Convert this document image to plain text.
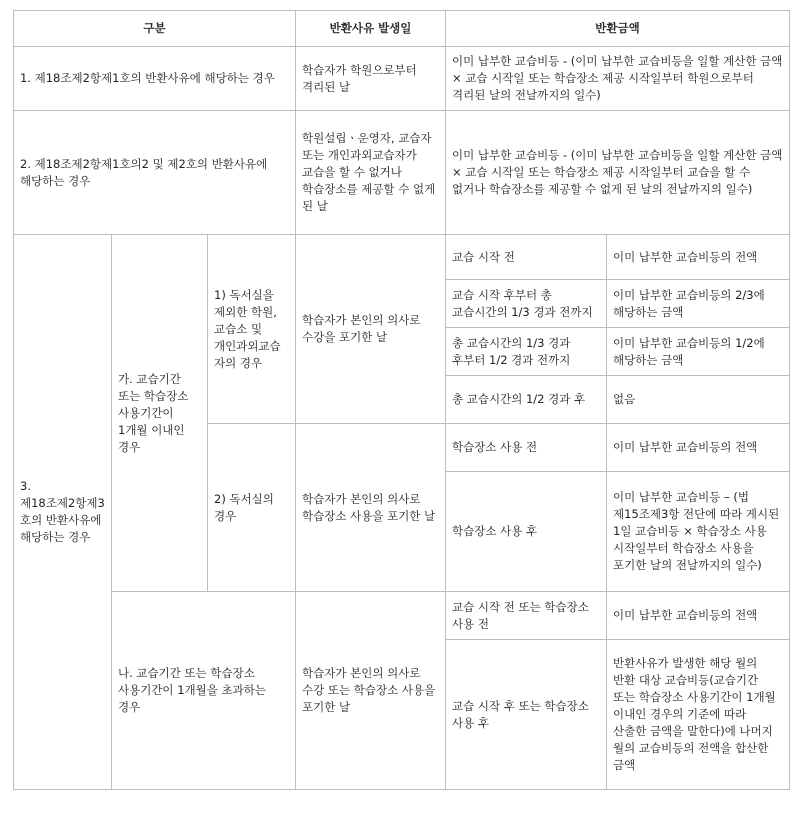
구분			반환사유 발생일	반환금액	
1. 제18조제2항제1호의 반환사유에 해당하는 경우			학습자가 학원으로부터 격리된 날	이미 납부한 교습비등 - (이미 납부한 교습비등을 일할 계산한 금액 × 교습 시작일 또는 학습장소 제공 시작일부터 학원으로부터 격리된 날의 전날까지의 일수)	
2. 제18조제2항제1호의2 및 제2호의 반환사유에 해당하는 경우			학원설립ㆍ운영자, 교습자 또는 개인과외교습자가 교습을 할 수 없거나 학습장소를 제공할 수 없게 된 날	이미 납부한 교습비등 - (이미 납부한 교습비등을 일할 계산한 금액 × 교습 시작일 또는 학습장소 제공 시작일부터 교습을 할 수 없거나 학습장소를 제공할 수 없게 된 날의 전날까지의 일수)	
3. 제18조제2항제3호의 반환사유에 해당하는 경우	가. 교습기간 또는 학습장소 사용기간이 1개월 이내인 경우	1) 독서실을 제외한 학원, 교습소 및 개인과외교습자의 경우	학습자가 본인의 의사로 수강을 포기한 날	교습 시작 전	이미 납부한 교습비등의 전액
				교습 시작 후부터 총 교습시간의 1/3 경과 전까지	이미 납부한 교습비등의 2/3에 해당하는 금액
				총 교습시간의 1/3 경과 후부터 1/2 경과 전까지	이미 납부한 교습비등의 1/2에 해당하는 금액
				총 교습시간의 1/2 경과 후	없음
		2) 독서실의 경우	학습자가 본인의 의사로 학습장소 사용을 포기한 날	학습장소 사용 전	이미 납부한 교습비등의 전액
				학습장소 사용 후	이미 납부한 교습비등 – (법 제15조제3항 전단에 따라 게시된 1일 교습비등 × 학습장소 사용 시작일부터 학습장소 사용을 포기한 날의 전날까지의 일수)
	나. 교습기간 또는 학습장소 사용기간이 1개월을 초과하는 경우		학습자가 본인의 의사로 수강 또는 학습장소 사용을 포기한 날	교습 시작 전 또는 학습장소 사용 전	이미 납부한 교습비등의 전액
				교습 시작 후 또는 학습장소 사용 후	반환사유가 발생한 해당 월의 반환 대상 교습비등(교습기간 또는 학습장소 사용기간이 1개월 이내인 경우의 기준에 따라 산출한 금액을 말한다)에 나머지 월의 교습비등의 전액을 합산한 금액
